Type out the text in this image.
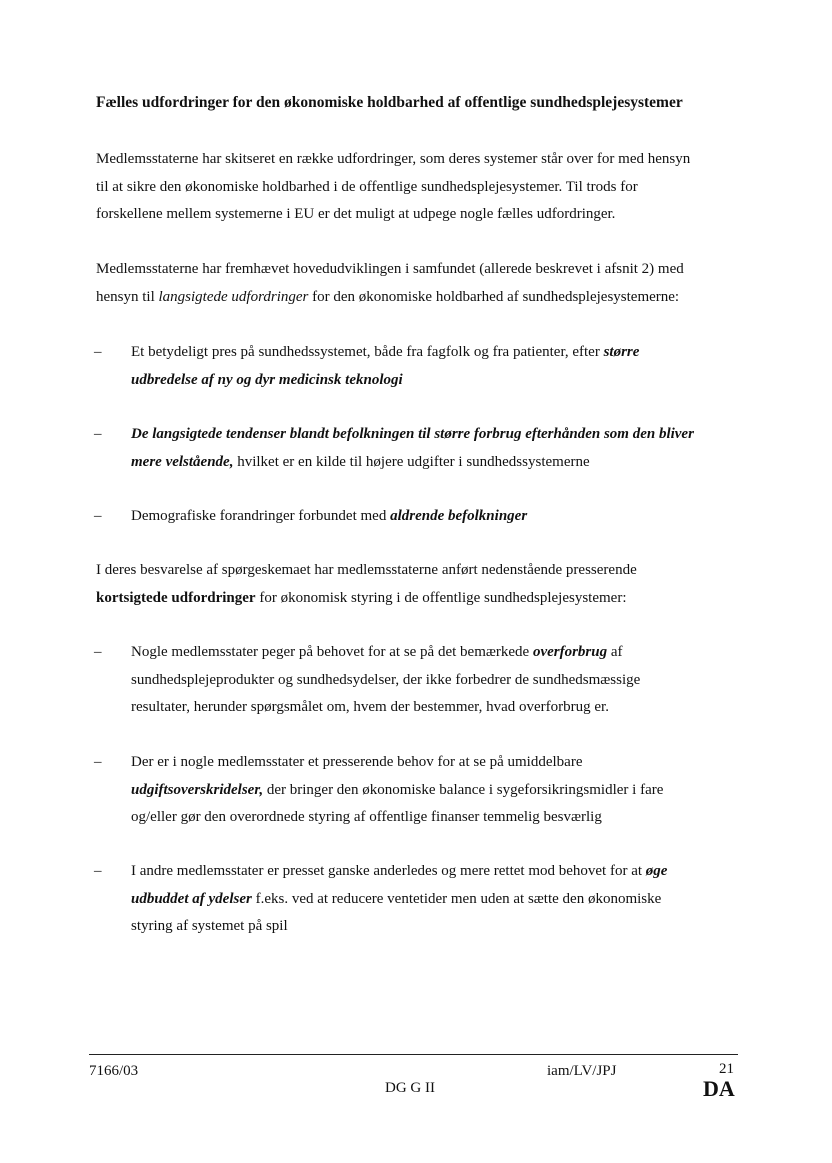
Fælles udfordringer for den økonomiske holdbarhed af offentlige sundhedsplejesystemer

Medlemsstaterne har skitseret en række udfordringer, som deres systemer står over for med hensyn
til at sikre den økonomiske holdbarhed i de offentlige sundhedsplejesystemer. Til trods for
forskellene mellem systemerne i EU er det muligt at udpege nogle fælles udfordringer.

Medlemsstaterne har fremhævet hovedudviklingen i samfundet (allerede beskrevet i afsnit 2) med
hensyn til langsigtede udfordringer for den økonomiske holdbarhed af sundhedsplejesystemerne:

– Et betydeligt pres på sundhedssystemet, både fra fagfolk og fra patienter, efter større
udbredelse af ny og dyr medicinsk teknologi
– De langsigtede tendenser blandt befolkningen til større forbrug efterhånden som den bliver
mere velstående, hvilket er en kilde til højere udgifter i sundhedssystemerne
– Demografiske forandringer forbundet med aldrende befolkninger

I deres besvarelse af spørgeskemaet har medlemsstaterne anført nedenstående presserende
kortsigtede udfordringer for økonomisk styring i de offentlige sundhedsplejesystemer:

– Nogle medlemsstater peger på behovet for at se på det bemærkede overforbrug af
sundhedsplejeprodukter og sundhedsydelser, der ikke forbedrer de sundhedsmæssige
resultater, herunder spørgsmålet om, hvem der bestemmer, hvad overforbrug er.
– Der er i nogle medlemsstater et presserende behov for at se på umiddelbare
udgiftsoverskridelser, der bringer den økonomiske balance i sygeforsikringsmidler i fare
og/eller gør den overordnede styring af offentlige finanser temmelig besværlig
– I andre medlemsstater er presset ganske anderledes og mere rettet mod behovet for at øge
udbuddet af ydelser f.eks. ved at reducere ventetider men uden at sætte den økonomiske
styring af systemet på spil
7166/03
DG G II
iam/LV/JPJ	21
DA
